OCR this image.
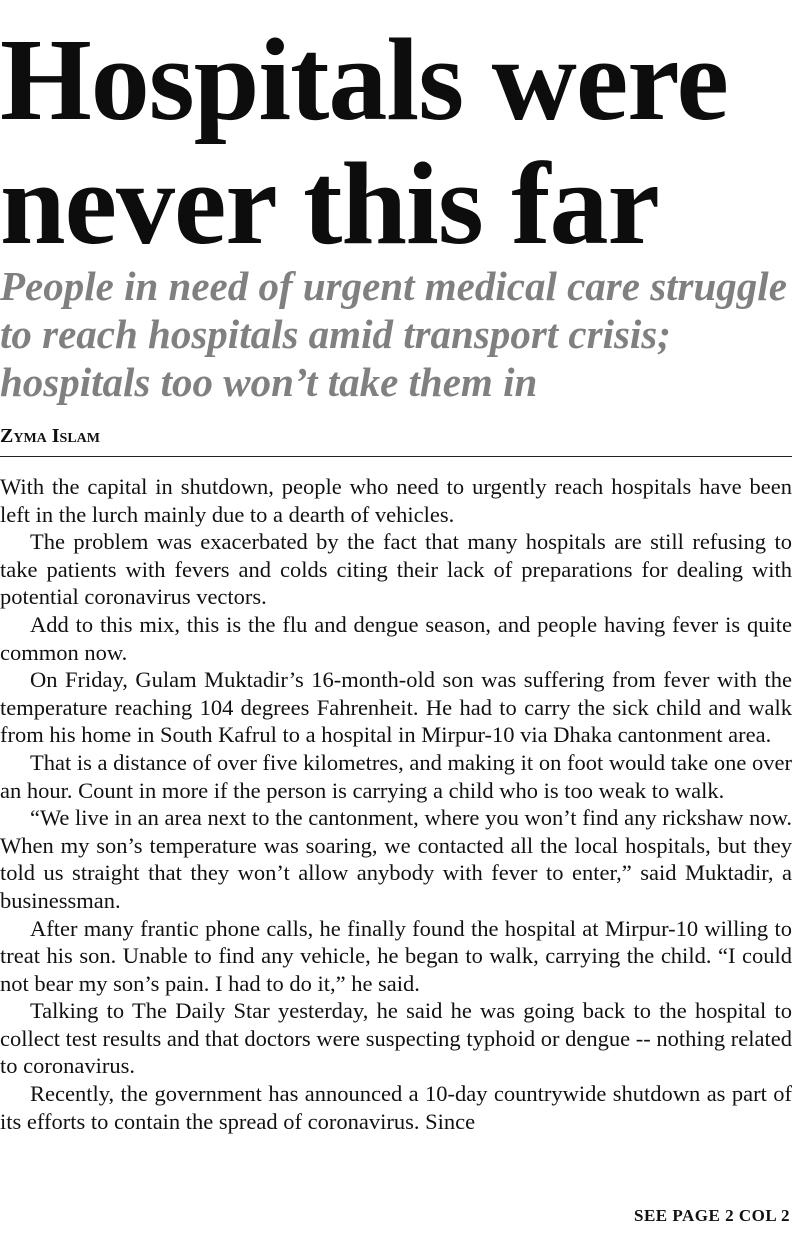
Hospitals were never this far
People in need of urgent medical care struggle to reach hospitals amid transport crisis; hospitals too won’t take them in
Zyma Islam

With the capital in shutdown, people who need to urgently reach hospitals have been left in the lurch mainly due to a dearth of vehicles.

The problem was exacerbated by the fact that many hospitals are still refusing to take patients with fevers and colds citing their lack of preparations for dealing with potential coronavirus vectors.

Add to this mix, this is the flu and dengue season, and people having fever is quite common now.

On Friday, Gulam Muktadir’s 16-month-old son was suffering from fever with the temperature reaching 104 degrees Fahrenheit. He had to carry the sick child and walk from his home in South Kafrul to a hospital in Mirpur-10 via Dhaka cantonment area.

That is a distance of over five kilometres, and making it on foot would take one over an hour. Count in more if the person is carrying a child who is too weak to walk.

“We live in an area next to the cantonment, where you won’t find any rickshaw now. When my son’s temperature was soaring, we contacted all the local hospitals, but they told us straight that they won’t allow anybody with fever to enter,” said Muktadir, a businessman.

After many frantic phone calls, he finally found the hospital at Mirpur-10 willing to treat his son. Unable to find any vehicle, he began to walk, carrying the child. “I could not bear my son’s pain. I had to do it,” he said.

Talking to The Daily Star yesterday, he said he was going back to the hospital to collect test results and that doctors were suspecting typhoid or dengue -- nothing related to coronavirus.

Recently, the government has announced a 10-day countrywide shutdown as part of its efforts to contain the spread of coronavirus. Since

SEE PAGE 2 COL 2
